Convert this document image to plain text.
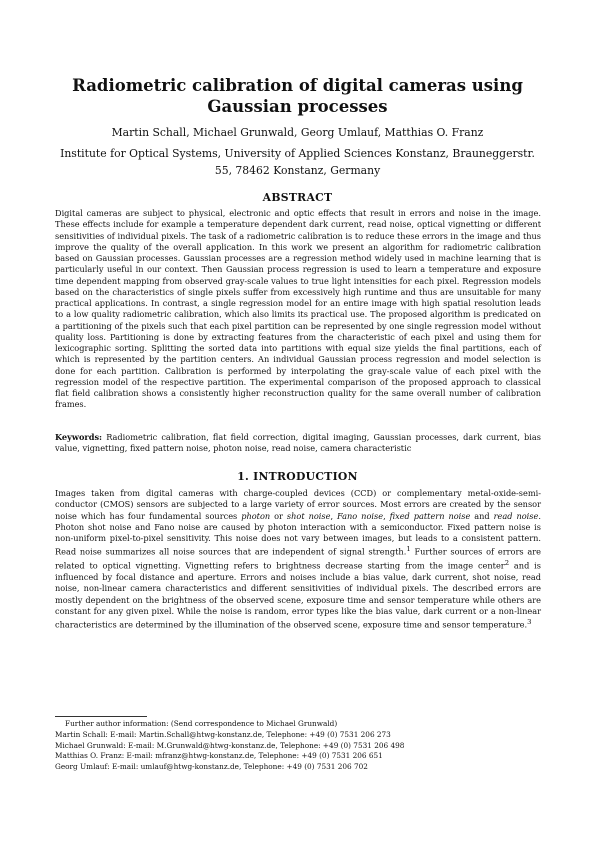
Radiometric calibration of digital cameras using Gaussian processes
Martin Schall, Michael Grunwald, Georg Umlauf, Matthias O. Franz
Institute for Optical Systems, University of Applied Sciences Konstanz, Brauneggerstr. 55, 78462 Konstanz, Germany
ABSTRACT
Digital cameras are subject to physical, electronic and optic effects that result in errors and noise in the image. These effects include for example a temperature dependent dark current, read noise, optical vignetting or different sensitivities of individual pixels. The task of a radiometric calibration is to reduce these errors in the image and thus improve the quality of the overall application. In this work we present an algorithm for radiometric calibration based on Gaussian processes. Gaussian processes are a regression method widely used in machine learning that is particularly useful in our context. Then Gaussian process regression is used to learn a temperature and exposure time dependent mapping from observed gray-scale values to true light intensities for each pixel. Regression models based on the characteristics of single pixels suffer from excessively high runtime and thus are unsuitable for many practical applications. In contrast, a single regression model for an entire image with high spatial resolution leads to a low quality radiometric calibration, which also limits its practical use. The proposed algorithm is predicated on a partitioning of the pixels such that each pixel partition can be represented by one single regression model without quality loss. Partitioning is done by extracting features from the characteristic of each pixel and using them for lexicographic sorting. Splitting the sorted data into partitions with equal size yields the final partitions, each of which is represented by the partition centers. An individual Gaussian process regression and model selection is done for each partition. Calibration is performed by interpolating the gray-scale value of each pixel with the regression model of the respective partition. The experimental comparison of the proposed approach to classical flat field calibration shows a consistently higher reconstruction quality for the same overall number of calibration frames.
Keywords: Radiometric calibration, flat field correction, digital imaging, Gaussian processes, dark current, bias value, vignetting, fixed pattern noise, photon noise, read noise, camera characteristic
1. INTRODUCTION
Images taken from digital cameras with charge-coupled devices (CCD) or complementary metal-oxide-semi-conductor (CMOS) sensors are subjected to a large variety of error sources. Most errors are created by the sensor noise which has four fundamental sources photon or shot noise, Fano noise, fixed pattern noise and read noise. Photon shot noise and Fano noise are caused by photon interaction with a semiconductor. Fixed pattern noise is non-uniform pixel-to-pixel sensitivity. This noise does not vary between images, but leads to a consistent pattern. Read noise summarizes all noise sources that are independent of signal strength.$^1$ Further sources of errors are related to optical vignetting. Vignetting refers to brightness decrease starting from the image center$^2$ and is influenced by focal distance and aperture. Errors and noises include a bias value, dark current, shot noise, read noise, non-linear camera characteristics and different sensitivities of individual pixels. The described errors are mostly dependent on the brightness of the observed scene, exposure time and sensor temperature while others are constant for any given pixel. While the noise is random, error types like the bias value, dark current or a non-linear characteristics are determined by the illumination of the observed scene, exposure time and sensor temperature.$^3$
Further author information: (Send correspondence to Michael Grunwald)
Martin Schall: E-mail: Martin.Schall@htwg-konstanz.de, Telephone: +49 (0) 7531 206 273
Michael Grunwald: E-mail: M.Grunwald@htwg-konstanz.de, Telephone: +49 (0) 7531 206 498
Matthias O. Franz: E-mail: mfranz@htwg-konstanz.de, Telephone: +49 (0) 7531 206 651
Georg Umlauf: E-mail: umlauf@htwg-konstanz.de, Telephone: +49 (0) 7531 206 702
